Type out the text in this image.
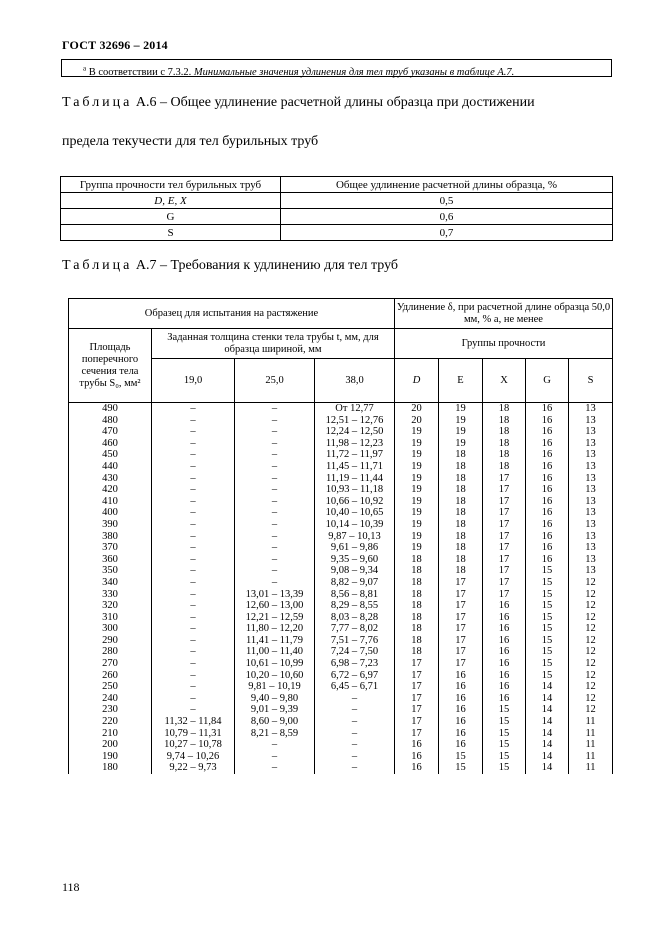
ГОСТ 32696 – 2014
$^а$ В соответствии с 7.3.2. Минимальные значения удлинения для тел труб указаны в таблице А.7.
Таблица А.6 – Общее удлинение расчетной длины образца при достижении
предела текучести для тел бурильных труб
Группа прочности тел бурильных труб	Общее удлинение расчетной длины образца, %
D, E, X	0,5
G	0,6
S	0,7
Таблица А.7 – Требования к удлинению для тел труб
Образец для испытания на растяжение				Удлинение δ, при расчетной длине образца 50,0 мм, % а, не менее				
Площадь поперечного сечения тела трубы S₀, мм²	Заданная толщина стенки тела трубы t, мм, для образца шириной, мм			Группы прочности				
	19,0	25,0	38,0	D	E	X	G	S
490	–	–	От 12,77	20	19	18	16	13
480	–	–	12,51 – 12,76	20	19	18	16	13
470	–	–	12,24 – 12,50	19	19	18	16	13
460	–	–	11,98 – 12,23	19	19	18	16	13
450	–	–	11,72 – 11,97	19	18	18	16	13
440	–	–	11,45 – 11,71	19	18	18	16	13
430	–	–	11,19 – 11,44	19	18	17	16	13
420	–	–	10,93 – 11,18	19	18	17	16	13
410	–	–	10,66 – 10,92	19	18	17	16	13
400	–	–	10,40 – 10,65	19	18	17	16	13
390	–	–	10,14 – 10,39	19	18	17	16	13
380	–	–	9,87 – 10,13	19	18	17	16	13
370	–	–	9,61 – 9,86	19	18	17	16	13
360	–	–	9,35 – 9,60	18	18	17	16	13
350	–	–	9,08 – 9,34	18	18	17	15	13
340	–	–	8,82 – 9,07	18	17	17	15	12
330	–	13,01 – 13,39	8,56 – 8,81	18	17	17	15	12
320	–	12,60 – 13,00	8,29 – 8,55	18	17	16	15	12
310	–	12,21 – 12,59	8,03 – 8,28	18	17	16	15	12
300	–	11,80 – 12,20	7,77 – 8,02	18	17	16	15	12
290	–	11,41 – 11,79	7,51 – 7,76	18	17	16	15	12
280	–	11,00 – 11,40	7,24 – 7,50	18	17	16	15	12
270	–	10,61 – 10,99	6,98 – 7,23	17	17	16	15	12
260	–	10,20 – 10,60	6,72 – 6,97	17	16	16	15	12
250	–	9,81 – 10,19	6,45 – 6,71	17	16	16	14	12
240	–	9,40 – 9,80	–	17	16	16	14	12
230	–	9,01 – 9,39	–	17	16	15	14	12
220	11,32 – 11,84	8,60 – 9,00	–	17	16	15	14	11
210	10,79 – 11,31	8,21 – 8,59	–	17	16	15	14	11
200	10,27 – 10,78	–	–	16	16	15	14	11
190	9,74 – 10,26	–	–	16	15	15	14	11
180	9,22 – 9,73	–	–	16	15	15	14	11
118
